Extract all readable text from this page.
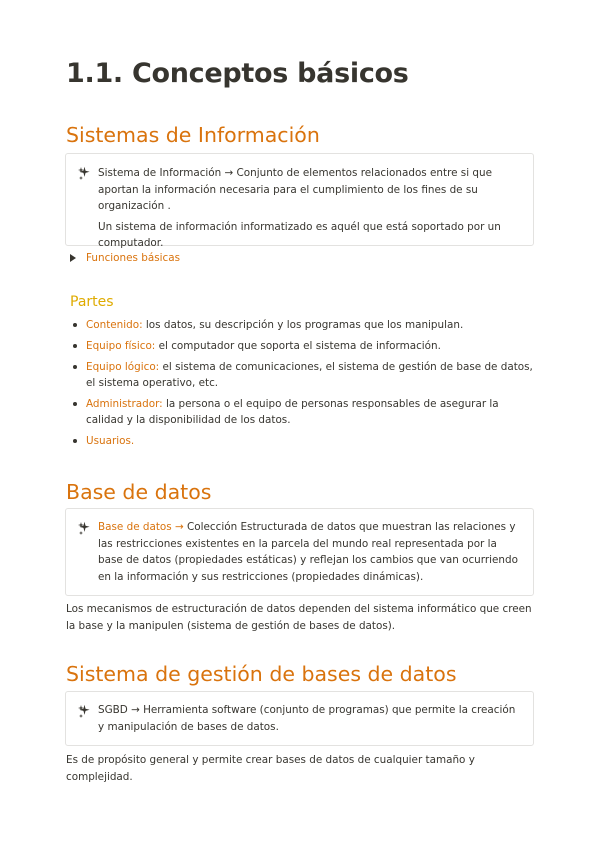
1.1. Conceptos básicos
Sistemas de Información

Sistema de Información → Conjunto de elementos relacionados entre si que aportan la información necesaria para el cumplimiento de los fines de su organización .

Un sistema de información informatizado es aquél que está soportado por un computador.

Funciones básicas
Partes
Contenido: los datos, su descripción y los programas que los manipulan.
Equipo físico: el computador que soporta el sistema de información.
Equipo lógico: el sistema de comunicaciones, el sistema de gestión de base de datos, el sistema operativo, etc.
Administrador: la persona o el equipo de personas responsables de asegurar la calidad y la disponibilidad de los datos.
Usuarios.
Base de datos

Base de datos → Colección Estructurada de datos que muestran las relaciones y las restricciones existentes en la parcela del mundo real representada por la base de datos (propiedades estáticas) y reflejan los cambios que van ocurriendo en la información y sus restricciones (propiedades dinámicas).

Los mecanismos de estructuración de datos dependen del sistema informático que creen la base y la manipulen (sistema de gestión de bases de datos).
Sistema de gestión de bases de datos

SGBD → Herramienta software (conjunto de programas) que permite la creación y manipulación de bases de datos.

Es de propósito general y permite crear bases de datos de cualquier tamaño y complejidad.
